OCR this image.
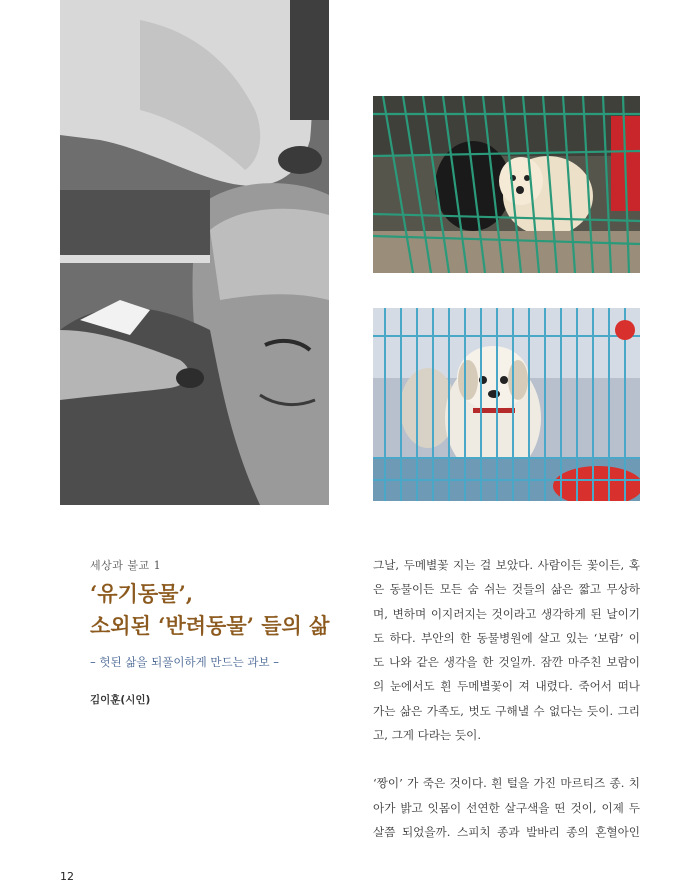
세상과 불교 1
‘유기동물’,
소외된 ‘반려동물’ 들의 삶
– 헛된 삶을 되풀이하게 만드는 과보 –
김이훈(시인)

그날, 두메별꽃 지는 걸 보았다. 사람이든 꽃이든, 혹

은 동물이든 모든 숨 쉬는 것들의 삶은 짧고 무상하

며, 변하며 이지러지는 것이라고 생각하게 된 날이기

도 하다. 부안의 한 동물병원에 살고 있는 ‘보람’ 이

도 나와 같은 생각을 한 것일까. 잠깐 마주친 보람이

의 눈에서도 흰 두메별꽃이 져 내렸다. 죽어서 떠나

가는 삶은 가족도, 벗도 구해낼 수 없다는 듯이. 그리

고, 그게 다라는 듯이.

‘짱이’ 가 죽은 것이다. 흰 털을 가진 마르티즈 종. 치

아가 밝고 잇몸이 선연한 살구색을 띤 것이, 이제 두

살쯤 되었을까. 스피치 종과 발바리 종의 혼혈아인

12
